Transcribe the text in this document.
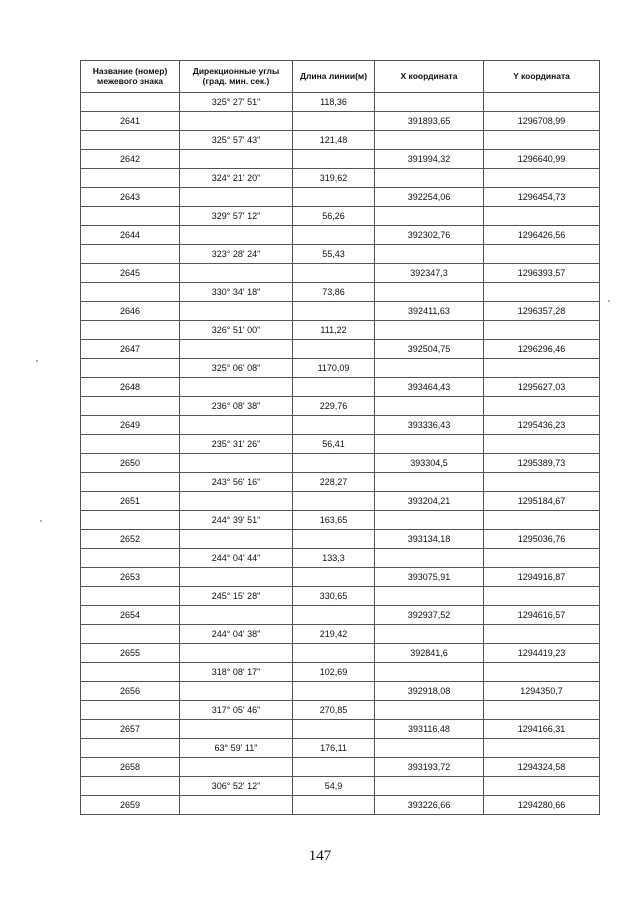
Название (номер) межевого знака	Дирекционные углы (град. мин. сек.)	Длина линии(м)	X координата	Y координата
	325° 27' 51"	118,36		
2641			391893,65	1296708,99
	325° 57' 43"	121,48		
2642			391994,32	1296640,99
	324° 21' 20"	319,62		
2643			392254,06	1296454,73
	329° 57' 12"	56,26		
2644			392302,76	1296426,56
	323° 28' 24"	55,43		
2645			392347,3	1296393,57
	330° 34' 18"	73,86		
2646			392411,63	1296357,28
	326° 51' 00"	111,22		
2647			392504,75	1296296,46
	325° 06' 08"	1170,09		
2648			393464,43	1295627,03
	236° 08' 38"	229,76		
2649			393336,43	1295436,23
	235° 31' 26"	56,41		
2650			393304,5	1295389,73
	243° 56' 16"	228,27		
2651			393204,21	1295184,67
	244° 39' 51"	163,65		
2652			393134,18	1295036,76
	244° 04' 44"	133,3		
2653			393075,91	1294916,87
	245° 15' 28"	330,65		
2654			392937,52	1294616,57
	244° 04' 38"	219,42		
2655			392841,6	1294419,23
	318° 08' 17"	102,69		
2656			392918,08	1294350,7
	317° 05' 46"	270,85		
2657			393116,48	1294166,31
	63° 59' 11"	176,11		
2658			393193,72	1294324,58
	306° 52' 12"	54,9		
2659			393226,66	1294280,66
147
